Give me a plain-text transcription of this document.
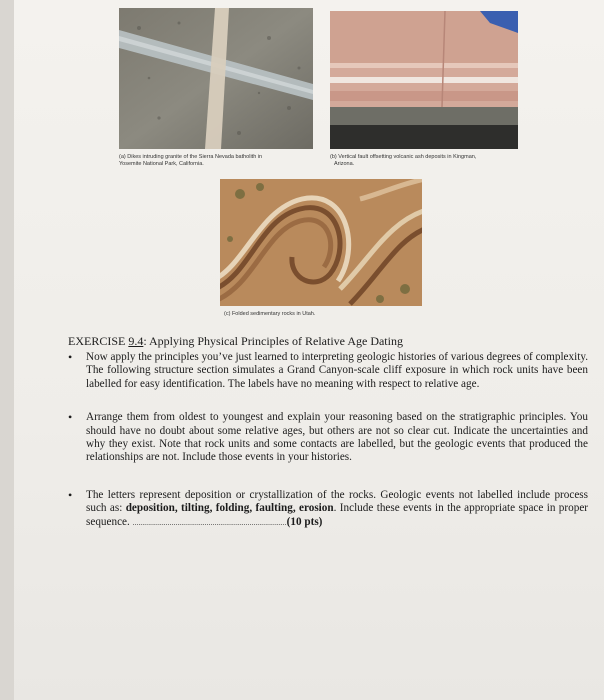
(a) Dikes intruding granite of the Sierra Nevada batholith in
Yosemite National Park, California.
(b) Vertical fault offsetting volcanic ash deposits in Kingman,
Arizona.
(c) Folded sedimentary rocks in Utah.
EXERCISE 9.4: Applying Physical Principles of Relative Age Dating
• Now apply the principles you’ve just learned to interpreting geologic histories of various degrees of complexity. The following structure section simulates a Grand Canyon-scale cliff exposure in which rock units have been labelled for easy identification. The labels have no meaning with respect to relative age.
• Arrange them from oldest to youngest and explain your reasoning based on the stratigraphic principles. You should have no doubt about some relative ages, but others are not so clear cut. Indicate the uncertainties and why they exist. Note that rock units and some contacts are labelled, but the geologic events that produced the relationships are not. Include those events in your histories.
• The letters represent deposition or crystallization of the rocks. Geologic events not labelled include process such as: deposition, tilting, folding, faulting, erosion. Include these events in the appropriate space in proper sequence. ...............................................................................(10 pts)
